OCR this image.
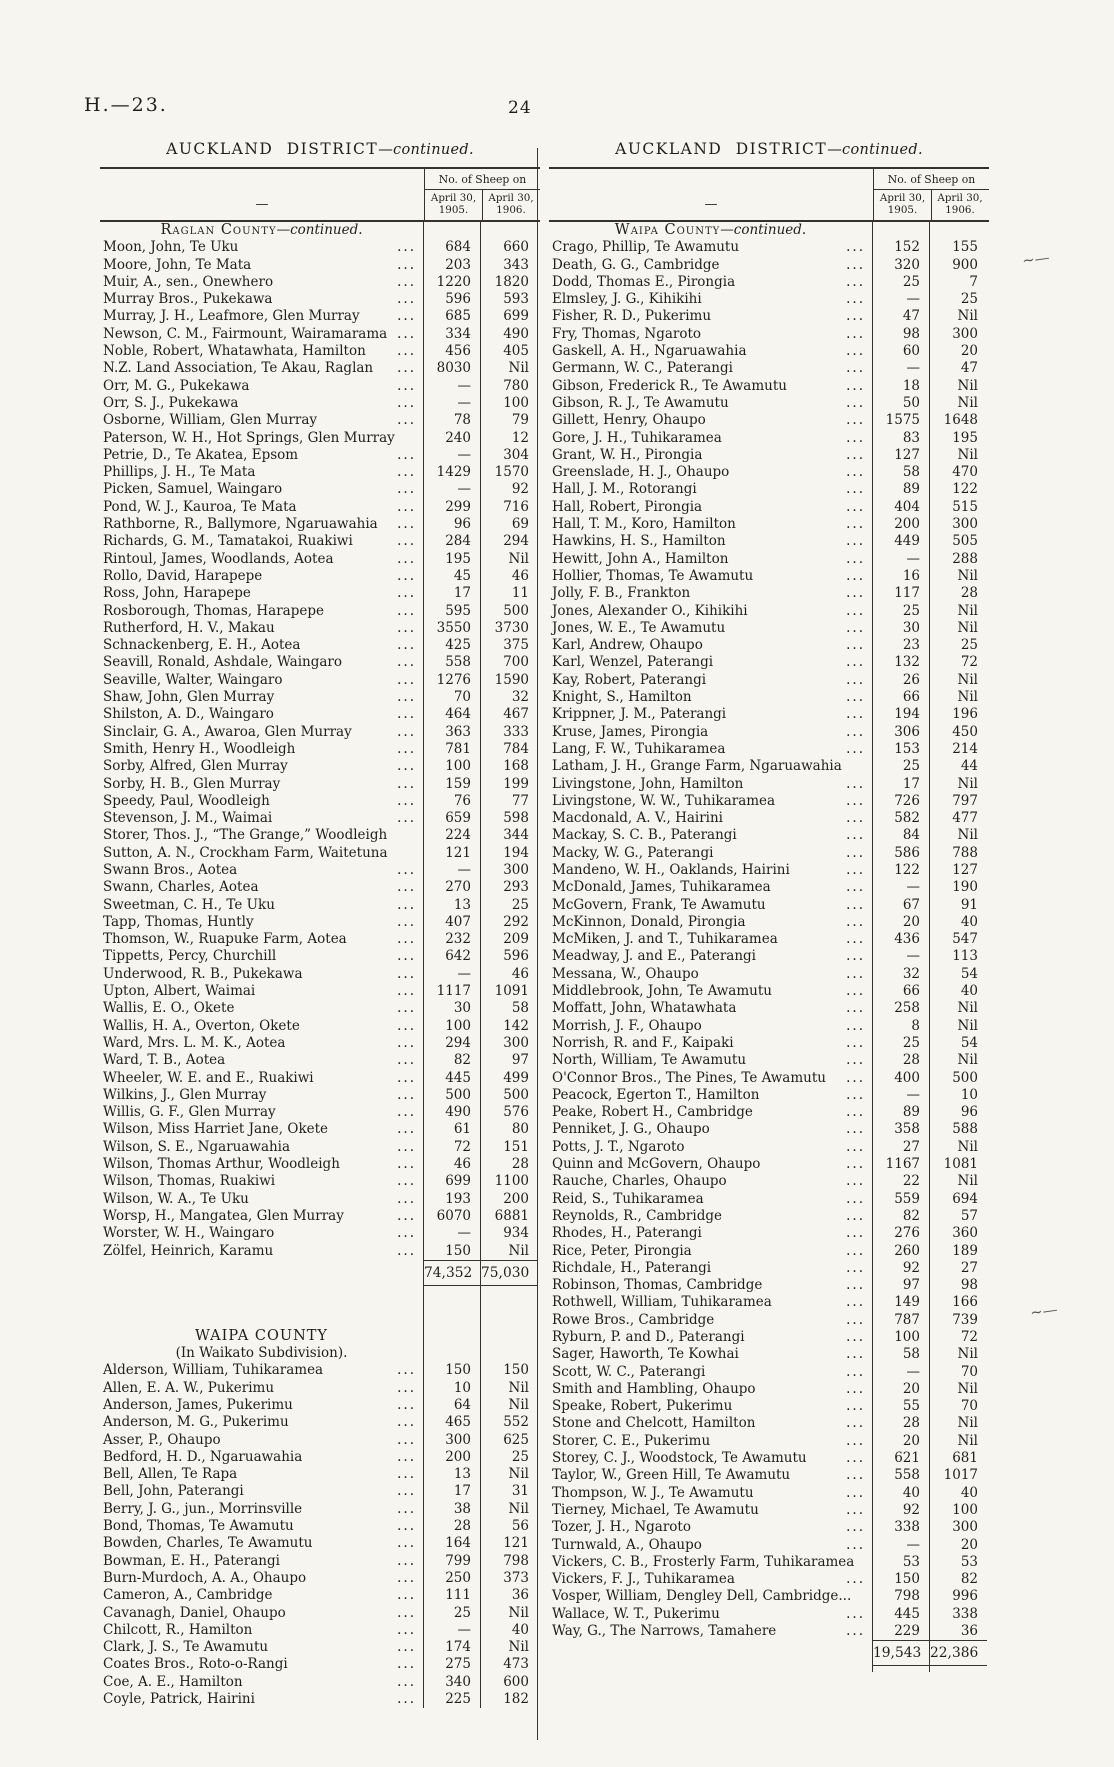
H.—23.	24
∼—
∼—
AUCKLAND DISTRICT—continued.
—
No. of Sheep on
April 30,
1905.
April 30,
1906.
Raglan County —continued.
Moon, John, Te Uku	...	684	660
Moore, John, Te Mata	...	203	343
Muir, A., sen., Onewhero	...	1220	1820
Murray Bros., Pukekawa	...	596	593
Murray, J. H., Leafmore, Glen Murray	...	685	699
Newson, C. M., Fairmount, Wairamarama ...	334	490
Noble, Robert, Whatawhata, Hamilton ...	456	405
N.Z. Land Association, Te Akau, Raglan ...	8030	Nil
Orr, M. G., Pukekawa	...	—	780
Orr, S. J., Pukekawa	...	—	100
Osborne, William, Glen Murray	...	78	79
Paterson, W. H., Hot Springs, Glen Murray	240	12
Petrie, D., Te Akatea, Epsom	...	—	304
Phillips, J. H., Te Mata	...	1429	1570
Picken, Samuel, Waingaro	...	—	92
Pond, W. J., Kauroa, Te Mata	...	299	716
Rathborne, R., Ballymore, Ngaruawahia ...	96	69
Richards, G. M., Tamatakoi, Ruakiwi	...	284	294
Rintoul, James, Woodlands, Aotea	...	195	Nil
Rollo, David, Harapepe	...	45	46
Ross, John, Harapepe	...	17	11
Rosborough, Thomas, Harapepe	...	595	500
Rutherford, H. V., Makau	...	3550	3730
Schnackenberg, E. H., Aotea	...	425	375
Seavill, Ronald, Ashdale, Waingaro	...	558	700
Seaville, Walter, Waingaro	...	1276	1590
Shaw, John, Glen Murray	...	70	32
Shilston, A. D., Waingaro	...	464	467
Sinclair, G. A., Awaroa, Glen Murray	...	363	333
Smith, Henry H., Woodleigh	...	781	784
Sorby, Alfred, Glen Murray	...	100	168
Sorby, H. B., Glen Murray	...	159	199
Speedy, Paul, Woodleigh	...	76	77
Stevenson, J. M., Waimai	...	659	598
Storer, Thos. J., “The Grange,” Woodleigh	224	344
Sutton, A. N., Crockham Farm, Waitetuna	121	194
Swann Bros., Aotea	...	—	300
Swann, Charles, Aotea	...	270	293
Sweetman, C. H., Te Uku	...	13	25
Tapp, Thomas, Huntly	...	407	292
Thomson, W., Ruapuke Farm, Aotea	...	232	209
Tippetts, Percy, Churchill	...	642	596
Underwood, R. B., Pukekawa	...	—	46
Upton, Albert, Waimai	...	1117	1091
Wallis, E. O., Okete	...	30	58
Wallis, H. A., Overton, Okete	...	100	142
Ward, Mrs. L. M. K., Aotea	...	294	300
Ward, T. B., Aotea	...	82	97
Wheeler, W. E. and E., Ruakiwi	...	445	499
Wilkins, J., Glen Murray	...	500	500
Willis, G. F., Glen Murray	...	490	576
Wilson, Miss Harriet Jane, Okete	...	61	80
Wilson, S. E., Ngaruawahia	...	72	151
Wilson, Thomas Arthur, Woodleigh	...	46	28
Wilson, Thomas, Ruakiwi	...	699	1100
Wilson, W. A., Te Uku	...	193	200
Worsp, H., Mangatea, Glen Murray	...	6070	6881
Worster, W. H., Waingaro	...	—	934
Zölfel, Heinrich, Karamu	...	150	Nil
74,352 75,030
WAIPA COUNTY
(In Waikato Subdivision).
Alderson, William, Tuhikaramea	...	150	150
Allen, E. A. W., Pukerimu	...	10	Nil
Anderson, James, Pukerimu	...	64	Nil
Anderson, M. G., Pukerimu	...	465	552
Asser, P., Ohaupo	...	300	625
Bedford, H. D., Ngaruawahia	...	200	25
Bell, Allen, Te Rapa	...	13	Nil
Bell, John, Paterangi	...	17	31
Berry, J. G., jun., Morrinsville	...	38	Nil
Bond, Thomas, Te Awamutu	...	28	56
Bowden, Charles, Te Awamutu	...	164	121
Bowman, E. H., Paterangi	...	799	798
Burn-Murdoch, A. A., Ohaupo	...	250	373
Cameron, A., Cambridge	...	111	36
Cavanagh, Daniel, Ohaupo	...	25	Nil
Chilcott, R., Hamilton	...	—	40
Clark, J. S., Te Awamutu	...	174	Nil
Coates Bros., Roto-o-Rangi	...	275	473
Coe, A. E., Hamilton	...	340	600
Coyle, Patrick, Hairini	...	225	182
AUCKLAND DISTRICT—continued.
—
No. of Sheep on
April 30,
1905.
April 30,
1906.
Waipa County —continued.
Crago, Phillip, Te Awamutu	...	152	155
Death, G. G., Cambridge	...	320	900
Dodd, Thomas E., Pirongia	...	25	7
Elmsley, J. G., Kihikihi	...	—	25
Fisher, R. D., Pukerimu	...	47	Nil
Fry, Thomas, Ngaroto	...	98	300
Gaskell, A. H., Ngaruawahia	...	60	20
Germann, W. C., Paterangi	...	—	47
Gibson, Frederick R., Te Awamutu	...	18	Nil
Gibson, R. J., Te Awamutu	...	50	Nil
Gillett, Henry, Ohaupo	...	1575	1648
Gore, J. H., Tuhikaramea	...	83	195
Grant, W. H., Pirongia	...	127	Nil
Greenslade, H. J., Ohaupo	...	58	470
Hall, J. M., Rotorangi	...	89	122
Hall, Robert, Pirongia	...	404	515
Hall, T. M., Koro, Hamilton	...	200	300
Hawkins, H. S., Hamilton	...	449	505
Hewitt, John A., Hamilton	...	—	288
Hollier, Thomas, Te Awamutu	...	16	Nil
Jolly, F. B., Frankton	...	117	28
Jones, Alexander O., Kihikihi	...	25	Nil
Jones, W. E., Te Awamutu	...	30	Nil
Karl, Andrew, Ohaupo	...	23	25
Karl, Wenzel, Paterangi	...	132	72
Kay, Robert, Paterangi	...	26	Nil
Knight, S., Hamilton	...	66	Nil
Krippner, J. M., Paterangi	...	194	196
Kruse, James, Pirongia	...	306	450
Lang, F. W., Tuhikaramea	...	153	214
Latham, J. H., Grange Farm, Ngaruawahia	25	44
Livingstone, John, Hamilton	...	17	Nil
Livingstone, W. W., Tuhikaramea	...	726	797
Macdonald, A. V., Hairini	...	582	477
Mackay, S. C. B., Paterangi	...	84	Nil
Macky, W. G., Paterangi	...	586	788
Mandeno, W. H., Oaklands, Hairini	...	122	127
McDonald, James, Tuhikaramea	...	—	190
McGovern, Frank, Te Awamutu	...	67	91
McKinnon, Donald, Pirongia	...	20	40
McMiken, J. and T., Tuhikaramea	...	436	547
Meadway, J. and E., Paterangi	...	—	113
Messana, W., Ohaupo	...	32	54
Middlebrook, John, Te Awamutu	...	66	40
Moffatt, John, Whatawhata	...	258	Nil
Morrish, J. F., Ohaupo	...	8	Nil
Norrish, R. and F., Kaipaki	...	25	54
North, William, Te Awamutu	...	28	Nil
O'Connor Bros., The Pines, Te Awamutu ...	400	500
Peacock, Egerton T., Hamilton	...	—	10
Peake, Robert H., Cambridge	...	89	96
Penniket, J. G., Ohaupo	...	358	588
Potts, J. T., Ngaroto	...	27	Nil
Quinn and McGovern, Ohaupo	...	1167	1081
Rauche, Charles, Ohaupo	...	22	Nil
Reid, S., Tuhikaramea	...	559	694
Reynolds, R., Cambridge	...	82	57
Rhodes, H., Paterangi	...	276	360
Rice, Peter, Pirongia	...	260	189
Richdale, H., Paterangi	...	92	27
Robinson, Thomas, Cambridge	...	97	98
Rothwell, William, Tuhikaramea	...	149	166
Rowe Bros., Cambridge	...	787	739
Ryburn, P. and D., Paterangi	...	100	72
Sager, Haworth, Te Kowhai	...	58	Nil
Scott, W. C., Paterangi	...	—	70
Smith and Hambling, Ohaupo	...	20	Nil
Speake, Robert, Pukerimu	...	55	70
Stone and Chelcott, Hamilton	...	28	Nil
Storer, C. E., Pukerimu	...	20	Nil
Storey, C. J., Woodstock, Te Awamutu	...	621	681
Taylor, W., Green Hill, Te Awamutu	...	558	1017
Thompson, W. J., Te Awamutu	...	40	40
Tierney, Michael, Te Awamutu	...	92	100
Tozer, J. H., Ngaroto	...	338	300
Turnwald, A., Ohaupo	...	—	20
Vickers, C. B., Frosterly Farm, Tuhikaramea	53	53
Vickers, F. J., Tuhikaramea	...	150	82
Vosper, William, Dengley Dell, Cambridge...	798	996
Wallace, W. T., Pukerimu	...	445	338
Way, G., The Narrows, Tamahere	...	229	36
19,543 22,386
